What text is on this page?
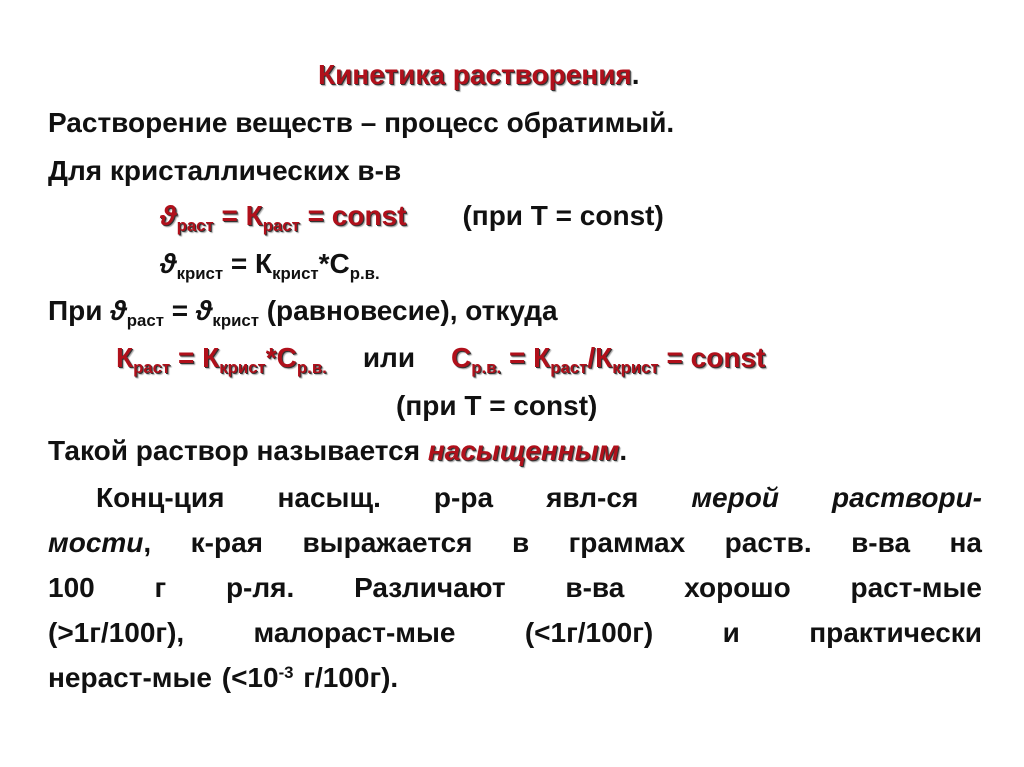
Кинетика растворения.
Растворение веществ – процесс обратимый.
Для кристаллических в-в
$ϑ_{раст} = К_{раст}$ = const (при Т = const)
$ϑ_{крист} = К_{крист}*С_{р.в.}$
При $ϑ_{раст} = ϑ_{крист}$ (равновесие), откуда
$К_{раст} = К_{крист}*С_{р.в.}$ или $С_{р.в.} = К_{раст}/К_{крист}$ = const
(при Т = const)
Такой раствор называется насыщенным.
Конц-ция насыщ. р-ра явл-ся мерой раствори-
мости, к-рая выражается в граммах раств. в-ва на
100 г р-ля. Различают в-ва хорошо раст-мые
(>1г/100г), малораст-мые (<1г/100г) и практически
нераст-мые ($<10^{-3}$ г/100г).
